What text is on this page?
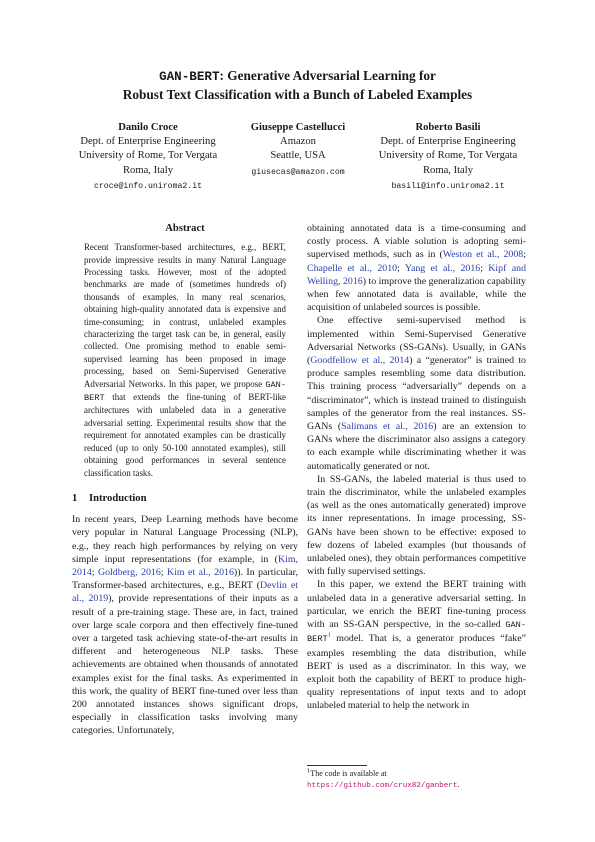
GAN-BERT: Generative Adversarial Learning for
Robust Text Classification with a Bunch of Labeled Examples
Danilo Croce
Dept. of Enterprise Engineering
University of Rome, Tor Vergata
Roma, Italy
croce@info.uniroma2.it
Giuseppe Castellucci
Amazon
Seattle, USA
giusecas@amazon.com
Roberto Basili
Dept. of Enterprise Engineering
University of Rome, Tor Vergata
Roma, Italy
basili@info.uniroma2.it
Abstract

Recent Transformer-based architectures, e.g., BERT, provide impressive results in many Natural Language Processing tasks. However, most of the adopted benchmarks are made of (sometimes hundreds of) thousands of examples. In many real scenarios, obtaining high-quality annotated data is expensive and time-consuming; in contrast, unlabeled examples characterizing the target task can be, in general, easily collected. One promising method to enable semi-supervised learning has been proposed in image processing, based on Semi-Supervised Generative Adversarial Networks. In this paper, we propose GAN-BERT that extends the fine-tuning of BERT-like architectures with unlabeled data in a generative adversarial setting. Experimental results show that the requirement for annotated examples can be drastically reduced (up to only 50-100 annotated examples), still obtaining good performances in several sentence classification tasks.

1 Introduction

In recent years, Deep Learning methods have become very popular in Natural Language Processing (NLP), e.g., they reach high performances by relying on very simple input representations (for example, in (Kim, 2014; Goldberg, 2016; Kim et al., 2016)). In particular, Transformer-based architectures, e.g., BERT (Devlin et al., 2019), provide representations of their inputs as a result of a pre-training stage. These are, in fact, trained over large scale corpora and then effectively fine-tuned over a targeted task achieving state-of-the-art results in different and heterogeneous NLP tasks. These achievements are obtained when thousands of annotated examples exist for the final tasks. As experimented in this work, the quality of BERT fine-tuned over less than 200 annotated instances shows significant drops, especially in classification tasks involving many categories. Unfortunately,

obtaining annotated data is a time-consuming and costly process. A viable solution is adopting semi-supervised methods, such as in (Weston et al., 2008; Chapelle et al., 2010; Yang et al., 2016; Kipf and Welling, 2016) to improve the generalization capability when few annotated data is available, while the acquisition of unlabeled sources is possible.

One effective semi-supervised method is implemented within Semi-Supervised Generative Adversarial Networks (SS-GANs). Usually, in GANs (Goodfellow et al., 2014) a “generator” is trained to produce samples resembling some data distribution. This training process “adversarially” depends on a “discriminator”, which is instead trained to distinguish samples of the generator from the real instances. SS-GANs (Salimans et al., 2016) are an extension to GANs where the discriminator also assigns a category to each example while discriminating whether it was automatically generated or not.

In SS-GANs, the labeled material is thus used to train the discriminator, while the unlabeled examples (as well as the ones automatically generated) improve its inner representations. In image processing, SS-GANs have been shown to be effective: exposed to few dozens of labeled examples (but thousands of unlabeled ones), they obtain performances competitive with fully supervised settings.

In this paper, we extend the BERT training with unlabeled data in a generative adversarial setting. In particular, we enrich the BERT fine-tuning process with an SS-GAN perspective, in the so-called GAN-BERT$^1$ model. That is, a generator produces “fake” examples resembling the data distribution, while BERT is used as a discriminator. In this way, we exploit both the capability of BERT to produce high-quality representations of input texts and to adopt unlabeled material to help the network in

$^1$The code is available at https://github.com/crux82/ganbert.
